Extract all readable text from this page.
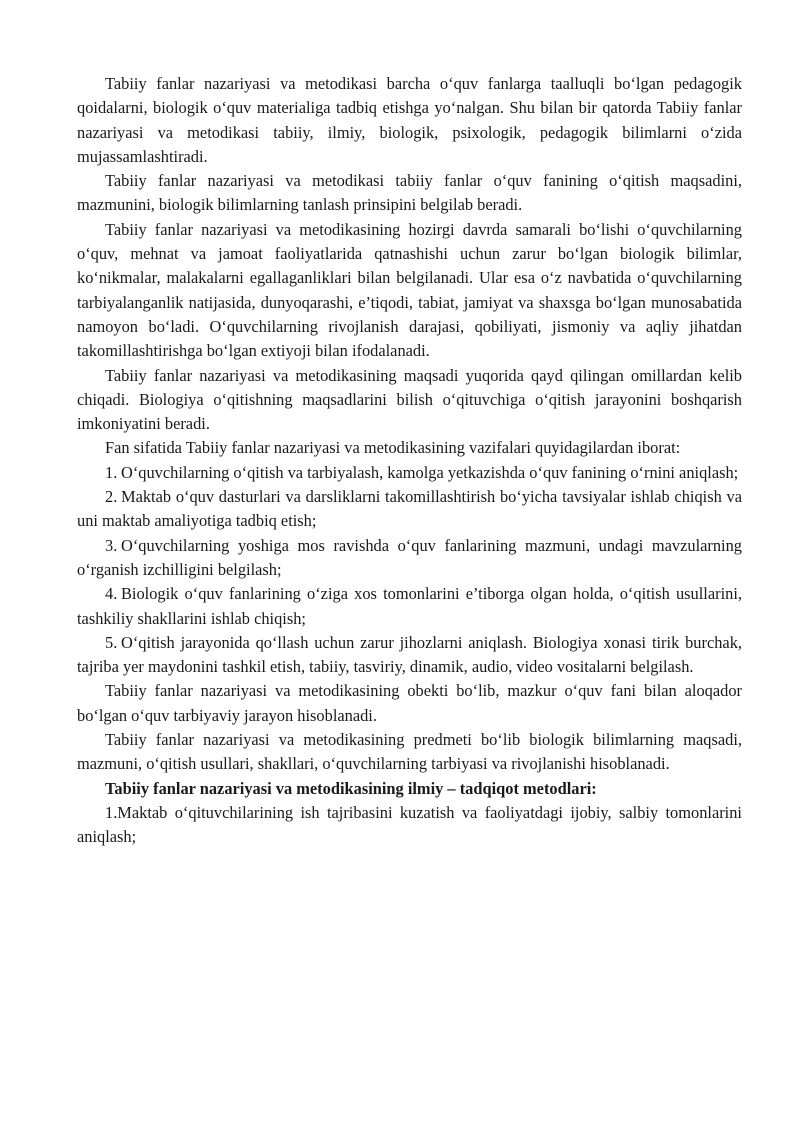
Tabiiy fanlar nazariyasi va metodikasi barcha o‘quv fanlarga taalluqli bo‘lgan pedagogik qoidalarni, biologik o‘quv materialiga tadbiq etishga yo‘nalgan. Shu bilan bir qatorda Tabiiy fanlar nazariyasi va metodikasi tabiiy, ilmiy, biologik, psixologik, pedagogik bilimlarni o‘zida mujassamlashtiradi.

Tabiiy fanlar nazariyasi va metodikasi tabiiy fanlar o‘quv fanining o‘qitish maqsadini, mazmunini, biologik bilimlarning tanlash prinsipini belgilab beradi.

Tabiiy fanlar nazariyasi va metodikasining hozirgi davrda samarali bo‘lishi o‘quvchilarning o‘quv, mehnat va jamoat faoliyatlarida qatnashishi uchun zarur bo‘lgan biologik bilimlar, ko‘nikmalar, malakalarni egallaganliklari bilan belgilanadi. Ular esa o‘z navbatida o‘quvchilarning tarbiyalanganlik natijasida, dunyoqarashi, e’tiqodi, tabiat, jamiyat va shaxsga bo‘lgan munosabatida namoyon bo‘ladi. O‘quvchilarning rivojlanish darajasi, qobiliyati, jismoniy va aqliy jihatdan takomillashtirishga bo‘lgan extiyoji bilan ifodalanadi.

Tabiiy fanlar nazariyasi va metodikasining maqsadi yuqorida qayd qilingan omillardan kelib chiqadi. Biologiya o‘qitishning maqsadlarini bilish o‘qituvchiga o‘qitish jarayonini boshqarish imkoniyatini beradi.

Fan sifatida Tabiiy fanlar nazariyasi va metodikasining vazifalari quyidagilardan iborat:

1. O‘quvchilarning o‘qitish va tarbiyalash, kamolga yetkazishda o‘quv fanining o‘rnini aniqlash;

2. Maktab o‘quv dasturlari va darsliklarni takomillashtirish bo‘yicha tavsiyalar ishlab chiqish va uni maktab amaliyotiga tadbiq etish;

3. O‘quvchilarning yoshiga mos ravishda o‘quv fanlarining mazmuni, undagi mavzularning o‘rganish izchilligini belgilash;

4. Biologik o‘quv fanlarining o‘ziga xos tomonlarini e’tiborga olgan holda, o‘qitish usullarini, tashkiliy shakllarini ishlab chiqish;

5. O‘qitish jarayonida qo‘llash uchun zarur jihozlarni aniqlash. Biologiya xonasi tirik burchak, tajriba yer maydonini tashkil etish, tabiiy, tasviriy, dinamik, audio, video vositalarni belgilash.

Tabiiy fanlar nazariyasi va metodikasining obekti bo‘lib, mazkur o‘quv fani bilan aloqador bo‘lgan o‘quv tarbiyaviy jarayon hisoblanadi.

Tabiiy fanlar nazariyasi va metodikasining predmeti bo‘lib biologik bilimlarning maqsadi, mazmuni, o‘qitish usullari, shakllari, o‘quvchilarning tarbiyasi va rivojlanishi hisoblanadi.

Tabiiy fanlar nazariyasi va metodikasining ilmiy – tadqiqot metodlari:

1.Maktab o‘qituvchilarining ish tajribasini kuzatish va faoliyatdagi ijobiy, salbiy tomonlarini aniqlash;
